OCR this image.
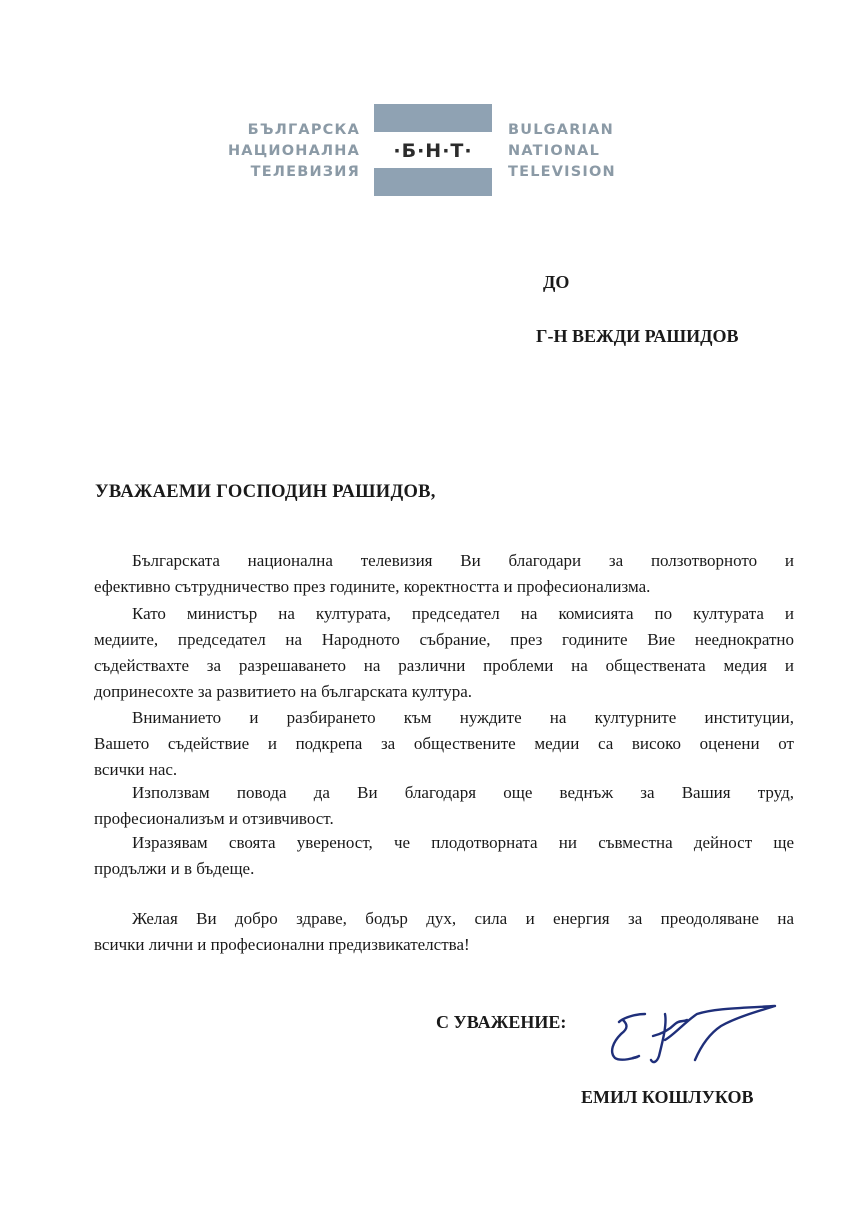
БЪЛГАРСКА
НАЦИОНАЛНА
ТЕЛЕВИЗИЯ
·Б·Н·Т·
BULGARIAN
NATIONAL
TELEVISION
ДО
Г-Н ВЕЖДИ РАШИДОВ
УВАЖАЕМИ ГОСПОДИН РАШИДОВ,
Българската национална телевизия Ви благодари за ползотворното и
ефективно сътрудничество през годините, коректността и професионализма.
Като министър на културата, председател на комисията по културата и
медиите, председател на Народното събрание, през годините Вие нееднократно
съдействахте за разрешаването на различни проблеми на обществената медия и
допринесохте за развитието на българската култура.
Вниманието и разбирането към нуждите на културните институции,
Вашето съдействие и подкрепа за обществените медии са високо оценени от
всички нас.
Използвам повода да Ви благодаря още веднъж за Вашия труд,
професионализъм и отзивчивост.
Изразявам своята увереност, че плодотворната ни съвместна дейност ще
продължи и в бъдеще.
Желая Ви добро здраве, бодър дух, сила и енергия за преодоляване на
всички лични и професионални предизвикателства!
С УВАЖЕНИЕ:
ЕМИЛ КОШЛУКОВ
